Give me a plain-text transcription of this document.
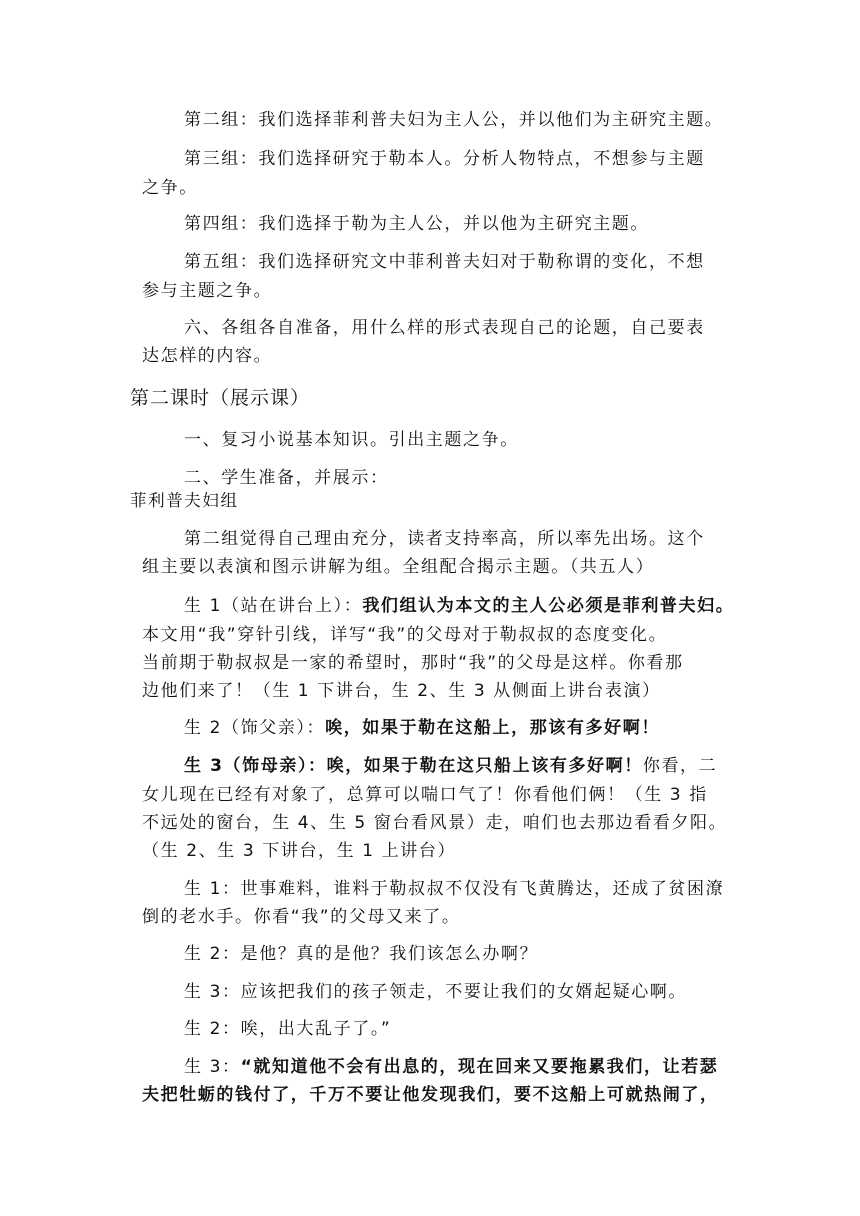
第二组：我们选择菲利普夫妇为主人公，并以他们为主研究主题。
第三组：我们选择研究于勒本人。分析人物特点，不想参与主题
之争。
第四组：我们选择于勒为主人公，并以他为主研究主题。
第五组：我们选择研究文中菲利普夫妇对于勒称谓的变化，不想
参与主题之争。
六、各组各自准备，用什么样的形式表现自己的论题，自己要表
达怎样的内容。
第二课时（展示课）
一、复习小说基本知识。引出主题之争。
二、学生准备，并展示：
菲利普夫妇组
第二组觉得自己理由充分，读者支持率高，所以率先出场。这个
组主要以表演和图示讲解为组。全组配合揭示主题。（共五人）
生 1（站在讲台上）：我们组认为本文的主人公必须是菲利普夫妇。
本文用“我”穿针引线，详写“我”的父母对于勒叔叔的态度变化。
当前期于勒叔叔是一家的希望时，那时“我”的父母是这样。你看那
边他们来了！（生 1 下讲台，生 2、生 3 从侧面上讲台表演）
生 2（饰父亲）：唉，如果于勒在这船上，那该有多好啊！
生 3（饰母亲）：唉，如果于勒在这只船上该有多好啊！你看，二
女儿现在已经有对象了，总算可以喘口气了！你看他们俩！（生 3 指
不远处的窗台，生 4、生 5 窗台看风景）走，咱们也去那边看看夕阳。
（生 2、生 3 下讲台，生 1 上讲台）
生 1：世事难料，谁料于勒叔叔不仅没有飞黄腾达，还成了贫困潦
倒的老水手。你看“我”的父母又来了。
生 2：是他？真的是他？我们该怎么办啊？
生 3：应该把我们的孩子领走，不要让我们的女婿起疑心啊。
生 2：唉，出大乱子了。”
生 3：“就知道他不会有出息的，现在回来又要拖累我们，让若瑟
夫把牡蛎的钱付了，千万不要让他发现我们，要不这船上可就热闹了，
